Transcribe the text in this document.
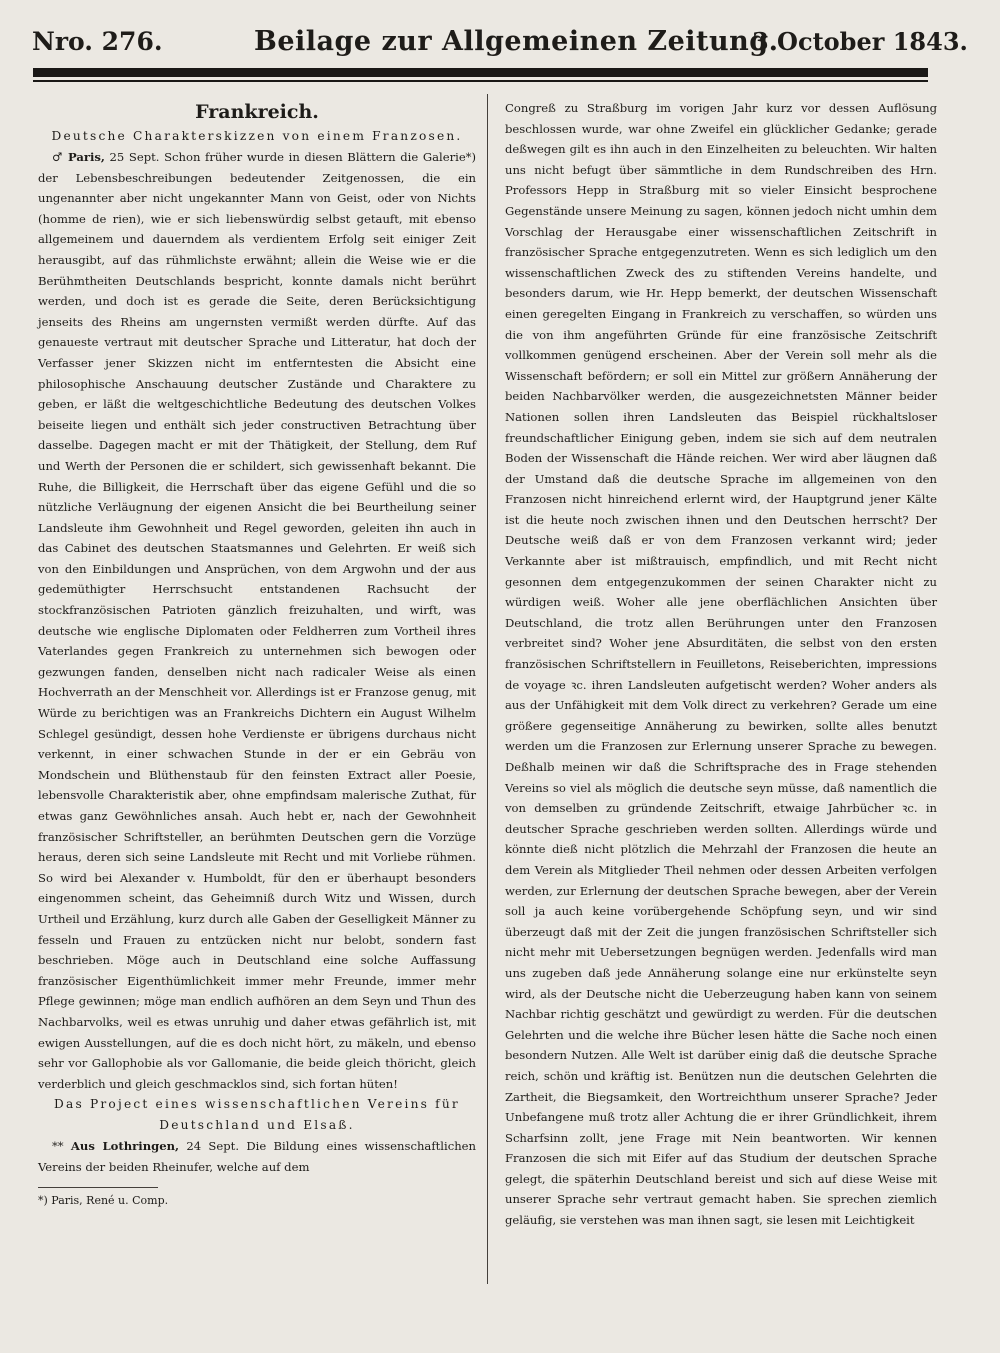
Nro. 276.	Beilage zur Allgemeinen Zeitung.
3 October 1843.

Frankreich.

Deutsche Charakterskizzen von einem Franzosen.

♂ Paris, 25 Sept. Schon früher wurde in diesen Blättern die Galerie*) der Lebensbeschreibungen bedeutender Zeitgenossen, die ein ungenannter aber nicht ungekannter Mann von Geist, oder von Nichts (homme de rien), wie er sich liebenswürdig selbst getauft, mit ebenso allgemeinem und dauerndem als verdientem Erfolg seit einiger Zeit herausgibt, auf das rühmlichste erwähnt; allein die Weise wie er die Berühmtheiten Deutschlands bespricht, konnte damals nicht berührt werden, und doch ist es gerade die Seite, deren Berücksichtigung jenseits des Rheins am ungernsten vermißt werden dürfte. Auf das genaueste vertraut mit deutscher Sprache und Litteratur, hat doch der Verfasser jener Skizzen nicht im entferntesten die Absicht eine philosophische Anschauung deutscher Zustände und Charaktere zu geben, er läßt die weltgeschichtliche Bedeutung des deutschen Volkes beiseite liegen und enthält sich jeder constructiven Betrachtung über dasselbe. Dagegen macht er mit der Thätigkeit, der Stellung, dem Ruf und Werth der Personen die er schildert, sich gewissenhaft bekannt. Die Ruhe, die Billigkeit, die Herrschaft über das eigene Gefühl und die so nützliche Verläugnung der eigenen Ansicht die bei Beurtheilung seiner Landsleute ihm Gewohnheit und Regel geworden, geleiten ihn auch in das Cabinet des deutschen Staatsmannes und Gelehrten. Er weiß sich von den Einbildungen und Ansprüchen, von dem Argwohn und der aus gedemüthigter Herrschsucht entstandenen Rachsucht der stockfranzösischen Patrioten gänzlich freizuhalten, und wirft, was deutsche wie englische Diplomaten oder Feldherren zum Vortheil ihres Vaterlandes gegen Frankreich zu unternehmen sich bewogen oder gezwungen fanden, denselben nicht nach radicaler Weise als einen Hochverrath an der Menschheit vor. Allerdings ist er Franzose genug, mit Würde zu berichtigen was an Frankreichs Dichtern ein August Wilhelm Schlegel gesündigt, dessen hohe Verdienste er übrigens durchaus nicht verkennt, in einer schwachen Stunde in der er ein Gebräu von Mondschein und Blüthenstaub für den feinsten Extract aller Poesie, lebensvolle Charakteristik aber, ohne empfindsam malerische Zuthat, für etwas ganz Gewöhnliches ansah. Auch hebt er, nach der Gewohnheit französischer Schriftsteller, an berühmten Deutschen gern die Vorzüge heraus, deren sich seine Landsleute mit Recht und mit Vorliebe rühmen. So wird bei Alexander v. Humboldt, für den er überhaupt besonders eingenommen scheint, das Geheimniß durch Witz und Wissen, durch Urtheil und Erzählung, kurz durch alle Gaben der Geselligkeit Männer zu fesseln und Frauen zu entzücken nicht nur belobt, sondern fast beschrieben. Möge auch in Deutschland eine solche Auffassung französischer Eigenthümlichkeit immer mehr Freunde, immer mehr Pflege gewinnen; möge man endlich aufhören an dem Seyn und Thun des Nachbarvolks, weil es etwas unruhig und daher etwas gefährlich ist, mit ewigen Ausstellungen, auf die es doch nicht hört, zu mäkeln, und ebenso sehr vor Gallophobie als vor Gallomanie, die beide gleich thöricht, gleich verderblich und gleich geschmacklos sind, sich fortan hüten!

Das Project eines wissenschaftlichen Vereins für Deutschland und Elsaß.

** Aus Lothringen, 24 Sept. Die Bildung eines wissenschaftlichen Vereins der beiden Rheinufer, welche auf dem

*) Paris, René u. Comp.

Congreß zu Straßburg im vorigen Jahr kurz vor dessen Auflösung beschlossen wurde, war ohne Zweifel ein glücklicher Gedanke; gerade deßwegen gilt es ihn auch in den Einzelheiten zu beleuchten. Wir halten uns nicht befugt über sämmtliche in dem Rundschreiben des Hrn. Professors Hepp in Straßburg mit so vieler Einsicht besprochene Gegenstände unsere Meinung zu sagen, können jedoch nicht umhin dem Vorschlag der Herausgabe einer wissenschaftlichen Zeitschrift in französischer Sprache entgegenzutreten. Wenn es sich lediglich um den wissenschaftlichen Zweck des zu stiftenden Vereins handelte, und besonders darum, wie Hr. Hepp bemerkt, der deutschen Wissenschaft einen geregelten Eingang in Frankreich zu verschaffen, so würden uns die von ihm angeführten Gründe für eine französische Zeitschrift vollkommen genügend erscheinen. Aber der Verein soll mehr als die Wissenschaft befördern; er soll ein Mittel zur größern Annäherung der beiden Nachbarvölker werden, die ausgezeichnetsten Männer beider Nationen sollen ihren Landsleuten das Beispiel rückhaltsloser freundschaftlicher Einigung geben, indem sie sich auf dem neutralen Boden der Wissenschaft die Hände reichen. Wer wird aber läugnen daß der Umstand daß die deutsche Sprache im allgemeinen von den Franzosen nicht hinreichend erlernt wird, der Hauptgrund jener Kälte ist die heute noch zwischen ihnen und den Deutschen herrscht? Der Deutsche weiß daß er von dem Franzosen verkannt wird; jeder Verkannte aber ist mißtrauisch, empfindlich, und mit Recht nicht gesonnen dem entgegenzukommen der seinen Charakter nicht zu würdigen weiß. Woher alle jene oberflächlichen Ansichten über Deutschland, die trotz allen Berührungen unter den Franzosen verbreitet sind? Woher jene Absurditäten, die selbst von den ersten französischen Schriftstellern in Feuilletons, Reiseberichten, impressions de voyage ꝛc. ihren Landsleuten aufgetischt werden? Woher anders als aus der Unfähigkeit mit dem Volk direct zu verkehren? Gerade um eine größere gegenseitige Annäherung zu bewirken, sollte alles benutzt werden um die Franzosen zur Erlernung unserer Sprache zu bewegen. Deßhalb meinen wir daß die Schriftsprache des in Frage stehenden Vereins so viel als möglich die deutsche seyn müsse, daß namentlich die von demselben zu gründende Zeitschrift, etwaige Jahrbücher ꝛc. in deutscher Sprache geschrieben werden sollten. Allerdings würde und könnte dieß nicht plötzlich die Mehrzahl der Franzosen die heute an dem Verein als Mitglieder Theil nehmen oder dessen Arbeiten verfolgen werden, zur Erlernung der deutschen Sprache bewegen, aber der Verein soll ja auch keine vorübergehende Schöpfung seyn, und wir sind überzeugt daß mit der Zeit die jungen französischen Schriftsteller sich nicht mehr mit Uebersetzungen begnügen werden. Jedenfalls wird man uns zugeben daß jede Annäherung solange eine nur erkünstelte seyn wird, als der Deutsche nicht die Ueberzeugung haben kann von seinem Nachbar richtig geschätzt und gewürdigt zu werden. Für die deutschen Gelehrten und die welche ihre Bücher lesen hätte die Sache noch einen besondern Nutzen. Alle Welt ist darüber einig daß die deutsche Sprache reich, schön und kräftig ist. Benützen nun die deutschen Gelehrten die Zartheit, die Biegsamkeit, den Wortreichthum unserer Sprache? Jeder Unbefangene muß trotz aller Achtung die er ihrer Gründlichkeit, ihrem Scharfsinn zollt, jene Frage mit Nein beantworten. Wir kennen Franzosen die sich mit Eifer auf das Studium der deutschen Sprache gelegt, die späterhin Deutschland bereist und sich auf diese Weise mit unserer Sprache sehr vertraut gemacht haben. Sie sprechen ziemlich geläufig, sie verstehen was man ihnen sagt, sie lesen mit Leichtigkeit
